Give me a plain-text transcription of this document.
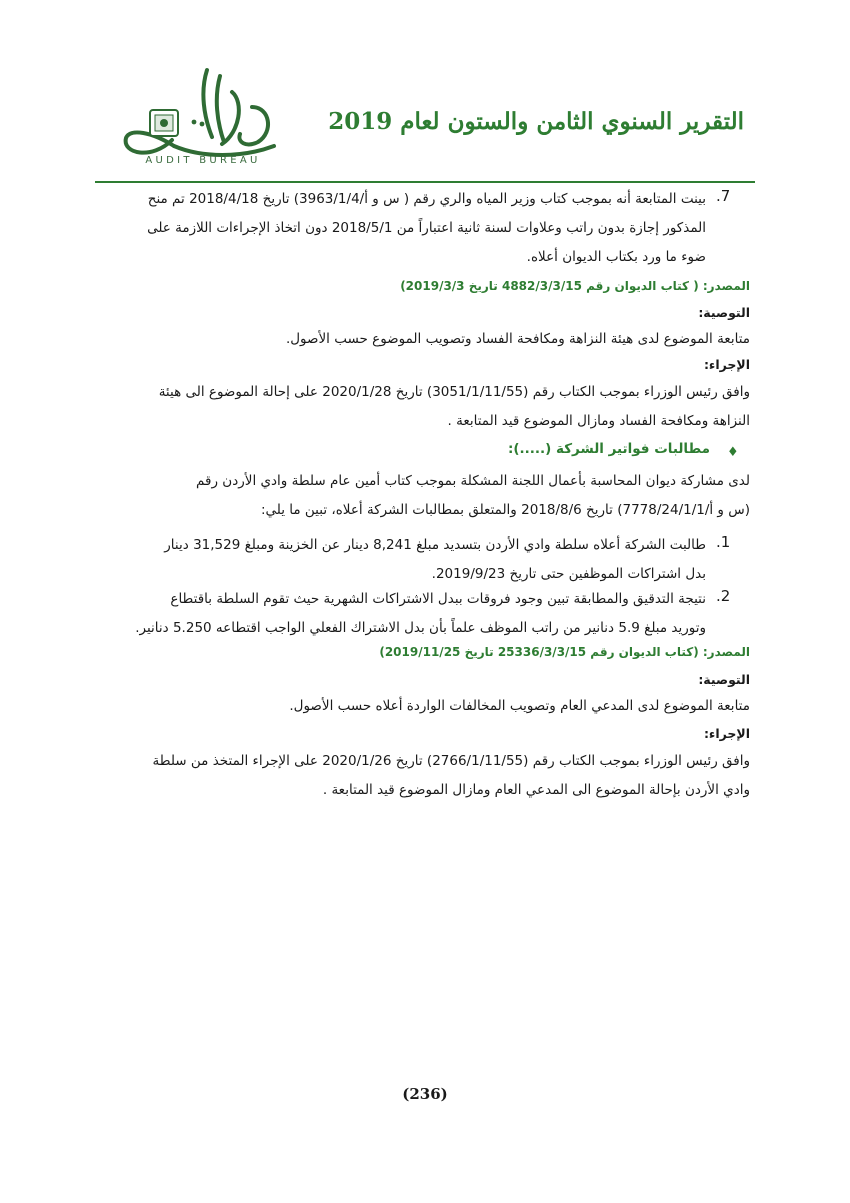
التقرير السنوي الثامن والستون لعام 2019
AUDIT BUREAU
.7
بينت المتابعة أنه بموجب كتاب وزير المياه والري رقم ( س و أ/3963/1/4) تاريخ 2018/4/18 تم منح
المذكور إجازة بدون راتب وعلاوات لسنة ثانية اعتباراً من 2018/5/1 دون اتخاذ الإجراءات اللازمة على
ضوء ما ورد بكتاب الديوان أعلاه.
المصدر: ( كتاب الديوان رقم 4882/3/3/15 تاريخ 2019/3/3)
التوصية:
متابعة الموضوع لدى هيئة النزاهة ومكافحة الفساد وتصويب الموضوع حسب الأصول.
الإجراء:
وافق رئيس الوزراء بموجب الكتاب رقم (3051/1/11/55) تاريخ 2020/1/28 على إحالة الموضوع الى هيئة
النزاهة ومكافحة الفساد ومازال الموضوع قيد المتابعة .
♦
مطالبات فواتير الشركة (.....):
لدى مشاركة ديوان المحاسبة بأعمال اللجنة المشكلة بموجب كتاب أمين عام سلطة وادي الأردن رقم
(س و أ/7778/24/1/1) تاريخ 2018/8/6 والمتعلق بمطالبات الشركة أعلاه، تبين ما يلي:
.1
طالبت الشركة أعلاه سلطة وادي الأردن بتسديد مبلغ 8,241 دينار عن الخزينة ومبلغ 31,529 دينار
بدل اشتراكات الموظفين حتى تاريخ 2019/9/23.
.2
نتيجة التدقيق والمطابقة تبين وجود فروقات ببدل الاشتراكات الشهرية حيث تقوم السلطة باقتطاع
وتوريد مبلغ 5.9 دنانير من راتب الموظف علماً بأن بدل الاشتراك الفعلي الواجب اقتطاعه 5.250 دنانير.
المصدر: (كتاب الديوان رقم 25336/3/3/15 تاريخ 2019/11/25)
التوصية:
متابعة الموضوع لدى المدعي العام وتصويب المخالفات الواردة أعلاه حسب الأصول.
الإجراء:
وافق رئيس الوزراء بموجب الكتاب رقم (2766/1/11/55) تاريخ 2020/1/26 على الإجراء المتخذ من سلطة
وادي الأردن بإحالة الموضوع الى المدعي العام ومازال الموضوع قيد المتابعة .
(236)
